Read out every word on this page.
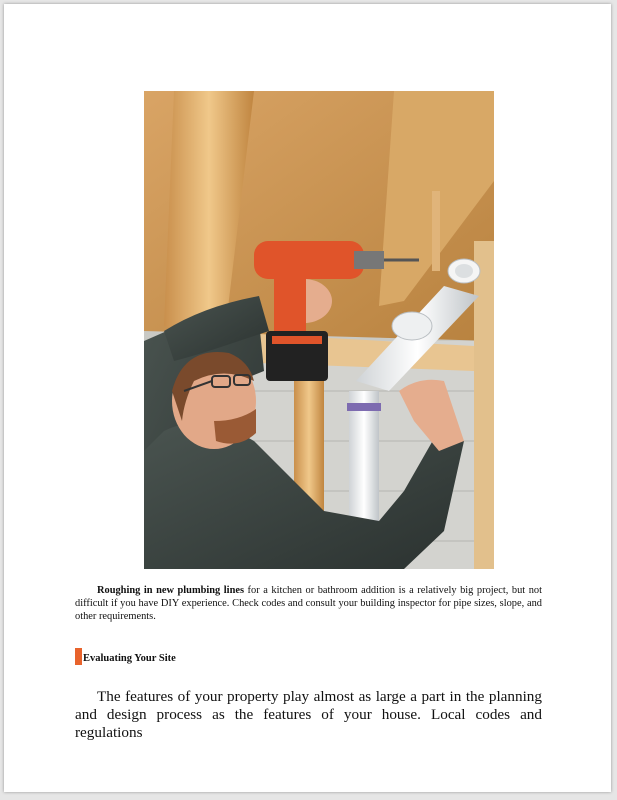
Roughing in new plumbing lines for a kitchen or bathroom addition is a relatively big project, but not difficult if you have DIY experience. Check codes and consult your building inspector for pipe sizes, slope, and other requirements.
Evaluating Your Site
The features of your property play almost as large a part in the planning and design process as the features of your house. Local codes and regulations
